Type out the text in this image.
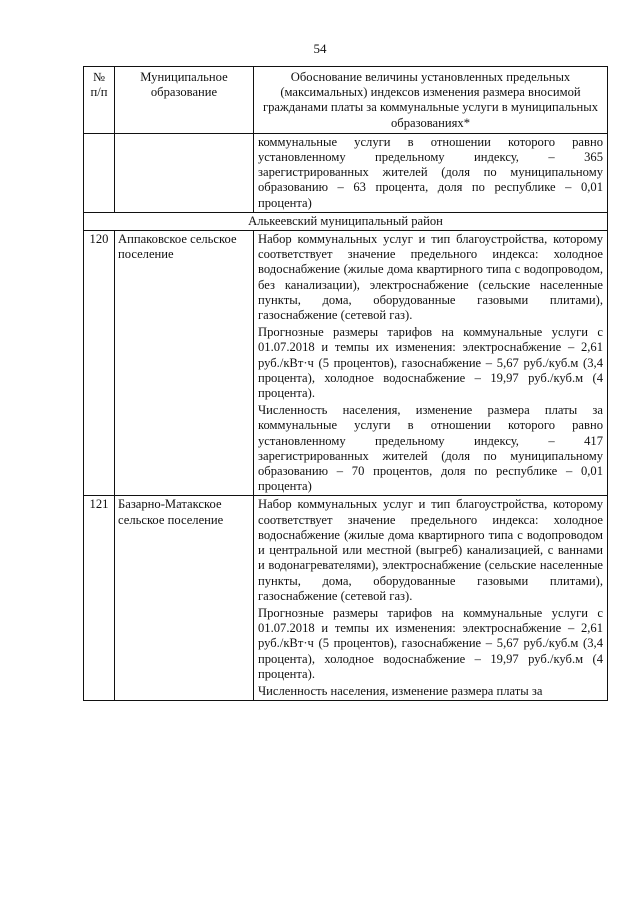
54
№ п/п	Муниципальное образование	Обоснование величины установленных предельных (максимальных) индексов изменения размера вносимой гражданами платы за коммунальные услуги в муниципальных образованиях*

		коммунальные услуги в отношении которого равно установленному предельному индексу, – 365 зарегистрированных жителей (доля по муниципальному образованию – 63 процента, доля по республике – 0,01 процента)

Алькеевский муниципальный район		
120	Аппаковское сельское поселение	Набор коммунальных услуг и тип благоустройства, которому соответствует значение предельного индекса: холодное водоснабжение (жилые дома квартирного типа с водопроводом, без канализации), электроснабжение (сельские населенные пункты, дома, оборудованные газовыми плитами), газоснабжение (сетевой газ).

Прогнозные размеры тарифов на коммунальные услуги с 01.07.2018 и темпы их изменения: электроснабжение – 2,61 руб./кВт·ч (5 процентов), газоснабжение – 5,67 руб./куб.м (3,4 процента), холодное водоснабжение – 19,97 руб./куб.м (4 процента).

Численность населения, изменение размера платы за коммунальные услуги в отношении которого равно установленному предельному индексу, – 417 зарегистрированных жителей (доля по муниципальному образованию – 70 процентов, доля по республике – 0,01 процента)

121	Базарно-Матакское сельское поселение	Набор коммунальных услуг и тип благоустройства, которому соответствует значение предельного индекса: холодное водоснабжение (жилые дома квартирного типа с водопроводом и центральной или местной (выгреб) канализацией, с ваннами и водонагревателями), электроснабжение (сельские населенные пункты, дома, оборудованные газовыми плитами), газоснабжение (сетевой газ).

Прогнозные размеры тарифов на коммунальные услуги с 01.07.2018 и темпы их изменения: электроснабжение – 2,61 руб./кВт·ч (5 процентов), газоснабжение – 5,67 руб./куб.м (3,4 процента), холодное водоснабжение – 19,97 руб./куб.м (4 процента).

Численность населения, изменение размера платы за
